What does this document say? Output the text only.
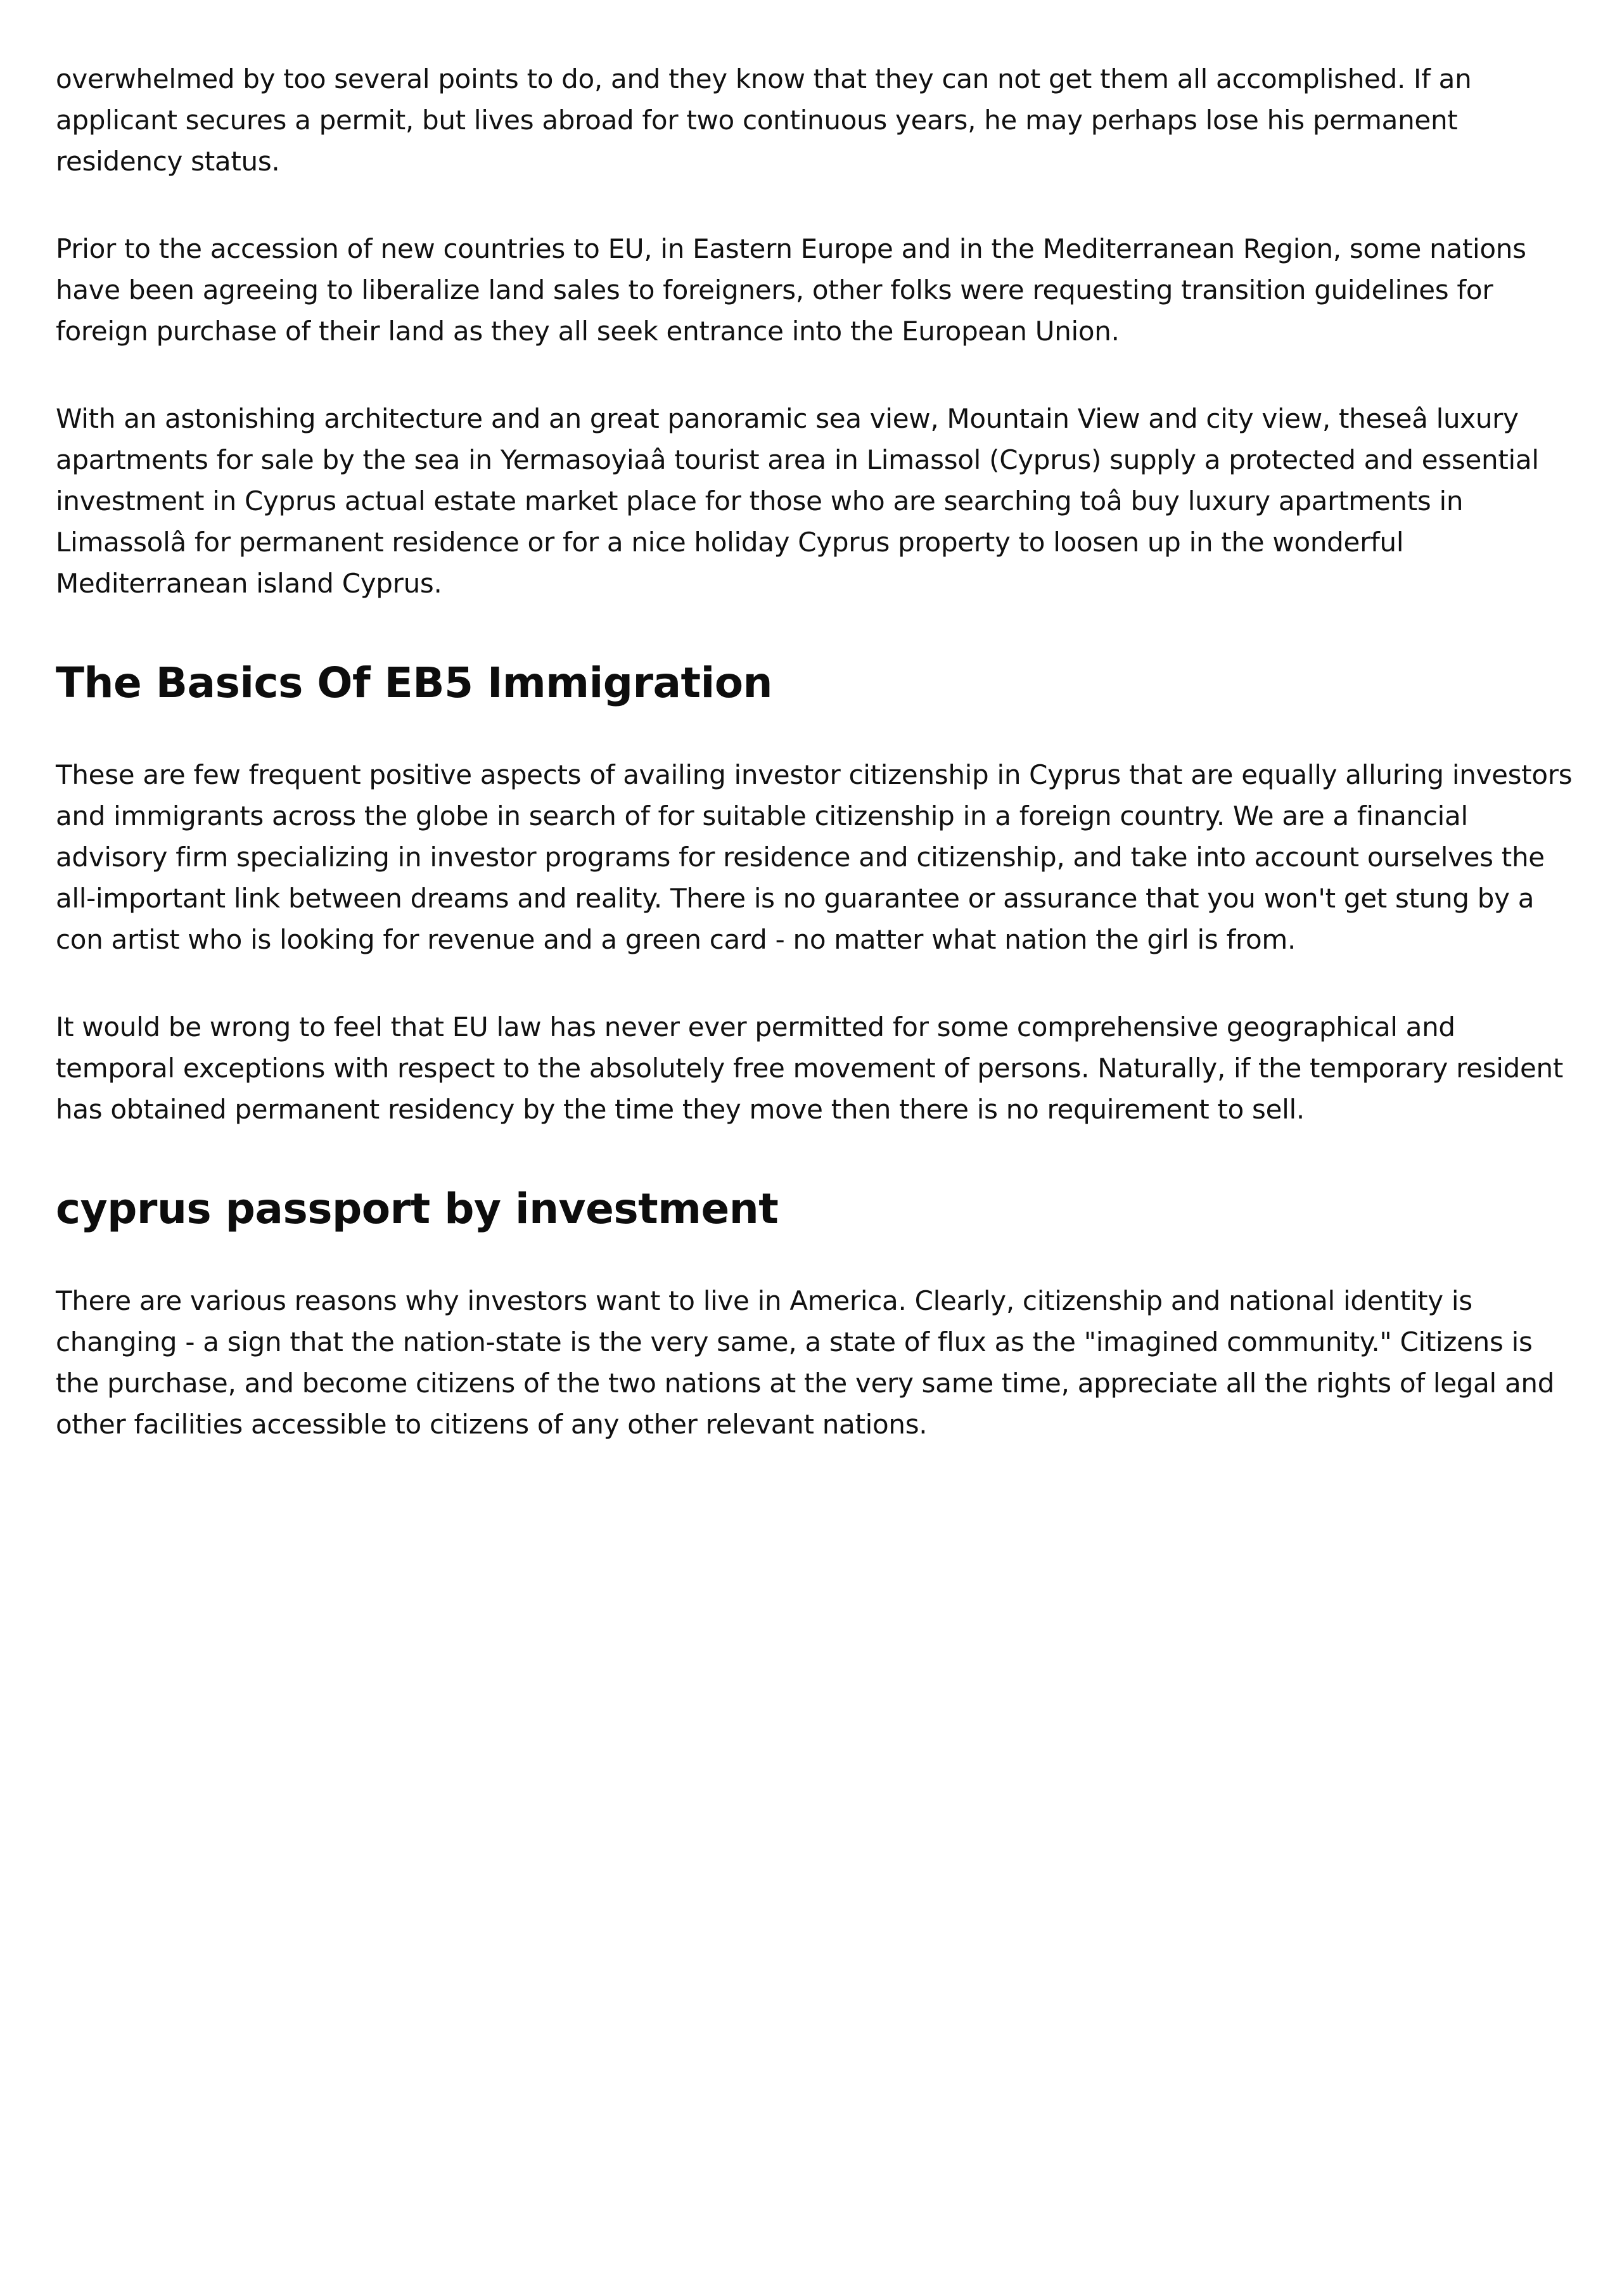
overwhelmed by too several points to do, and they know that they can not get them all accomplished. If an applicant secures a permit, but lives abroad for two continuous years, he may perhaps lose his permanent residency status.

Prior to the accession of new countries to EU, in Eastern Europe and in the Mediterranean Region, some nations have been agreeing to liberalize land sales to foreigners, other folks were requesting transition guidelines for foreign purchase of their land as they all seek entrance into the European Union.

With an astonishing architecture and an great panoramic sea view, Mountain View and city view, theseâ luxury apartments for sale by the sea in Yermasoyiaâ tourist area in Limassol (Cyprus) supply a protected and essential investment in Cyprus actual estate market place for those who are searching toâ buy luxury apartments in Limassolâ for permanent residence or for a nice holiday Cyprus property to loosen up in the wonderful Mediterranean island Cyprus.

The Basics Of EB5 Immigration

These are few frequent positive aspects of availing investor citizenship in Cyprus that are equally alluring investors and immigrants across the globe in search of for suitable citizenship in a foreign country. We are a financial advisory firm specializing in investor programs for residence and citizenship, and take into account ourselves the all-important link between dreams and reality. There is no guarantee or assurance that you won't get stung by a con artist who is looking for revenue and a green card - no matter what nation the girl is from.

It would be wrong to feel that EU law has never ever permitted for some comprehensive geographical and temporal exceptions with respect to the absolutely free movement of persons. Naturally, if the temporary resident has obtained permanent residency by the time they move then there is no requirement to sell.

cyprus passport by investment

There are various reasons why investors want to live in America. Clearly, citizenship and national identity is changing - a sign that the nation-state is the very same, a state of flux as the "imagined community." Citizens is the purchase, and become citizens of the two nations at the very same time, appreciate all the rights of legal and other facilities accessible to citizens of any other relevant nations.
